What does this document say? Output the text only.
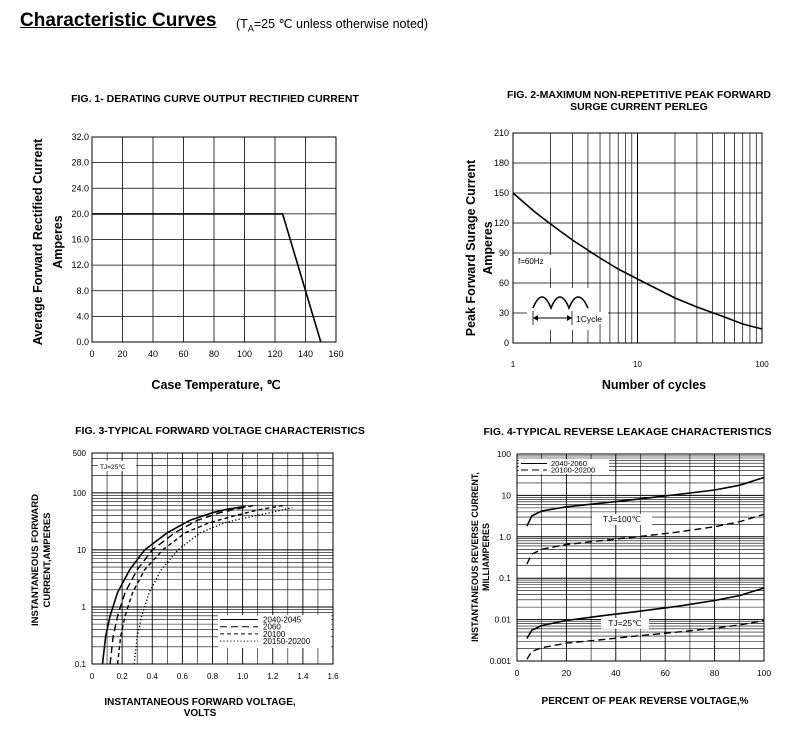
Characteristic Curves ($T_A=25$ ℃ unless otherwise noted)
FIG. 1- DERATING CURVE OUTPUT RECTIFIED CURRENT	FIG. 2-MAXIMUM NON-REPETITIVE PEAK FORWARD
SURGE CURRENT PERLEG
FIG. 3-TYPICAL FORWARD VOLTAGE CHARACTERISTICS	FIG. 4-TYPICAL REVERSE LEAKAGE CHARACTERISTICS
0	20 40 60 80 100 120 140 160
0.0
4.0
8.0
12.0
16.0
20.0
24.0
28.0
32.0
Case Temperature, ℃
Average Forward Rectified Current Amperes
1	10	100
0
30
60
90
120
150
180
210
f=60Hz
1Cycle
Number of cycles
Peak Forward Surage Current Amperes
0	0.2 0.4 0.6 0.8 1.0 1.2 1.4 1.6
0.1
1
10
100
500
TJ=25℃
2040-2045
2060
20100
20150-20200
INSTANTANEOUS FORWARD VOLTAGE,
VOLTS
INSTANTANEOUS FORWARD CURRENT,AMPERES
0	20	40	60	80	100
0.001
0.01
0.1
1.0
10
100
2040-2060
20100-20200
TJ=100℃
TJ=25℃
PERCENT OF PEAK REVERSE VOLTAGE,%
INSTANTANEOUS REVERSE CURRENT, MILLIAMPERES
